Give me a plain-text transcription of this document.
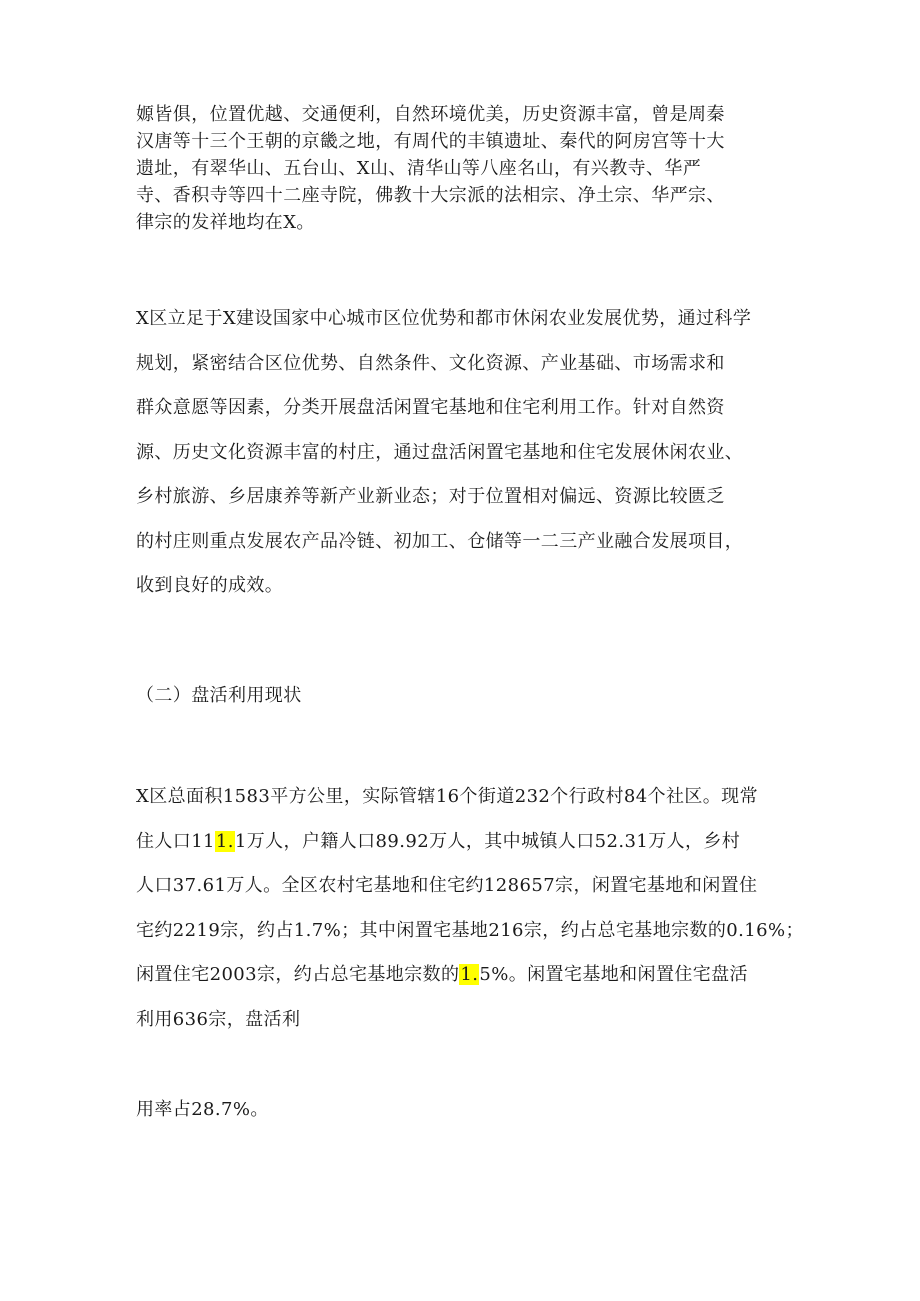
嫄皆俱，位置优越、交通便利，自然环境优美，历史资源丰富，曾是周秦
汉唐等十三个王朝的京畿之地，有周代的丰镇遗址、秦代的阿房宫等十大
遗址，有翠华山、五台山、X山、清华山等八座名山，有兴教寺、华严
寺、香积寺等四十二座寺院，佛教十大宗派的法相宗、净土宗、华严宗、
律宗的发祥地均在X。

X区立足于X建设国家中心城市区位优势和都市休闲农业发展优势，通过科学
规划，紧密结合区位优势、自然条件、文化资源、产业基础、市场需求和
群众意愿等因素，分类开展盘活闲置宅基地和住宅利用工作。针对自然资
源、历史文化资源丰富的村庄，通过盘活闲置宅基地和住宅发展休闲农业、
乡村旅游、乡居康养等新产业新业态；对于位置相对偏远、资源比较匮乏
的村庄则重点发展农产品冷链、初加工、仓储等一二三产业融合发展项目，
收到良好的成效。

（二）盘活利用现状

X区总面积1583平方公里，实际管辖16个街道232个行政村84个社区。现常
住人口111.1万人，户籍人口89.92万人，其中城镇人口52.31万人，乡村
人口37.61万人。全区农村宅基地和住宅约128657宗，闲置宅基地和闲置住
宅约2219宗，约占1.7%；其中闲置宅基地216宗，约占总宅基地宗数的0.16%；
闲置住宅2003宗，约占总宅基地宗数的1.5%。闲置宅基地和闲置住宅盘活
利用636宗，盘活利

用率占28.7%。
